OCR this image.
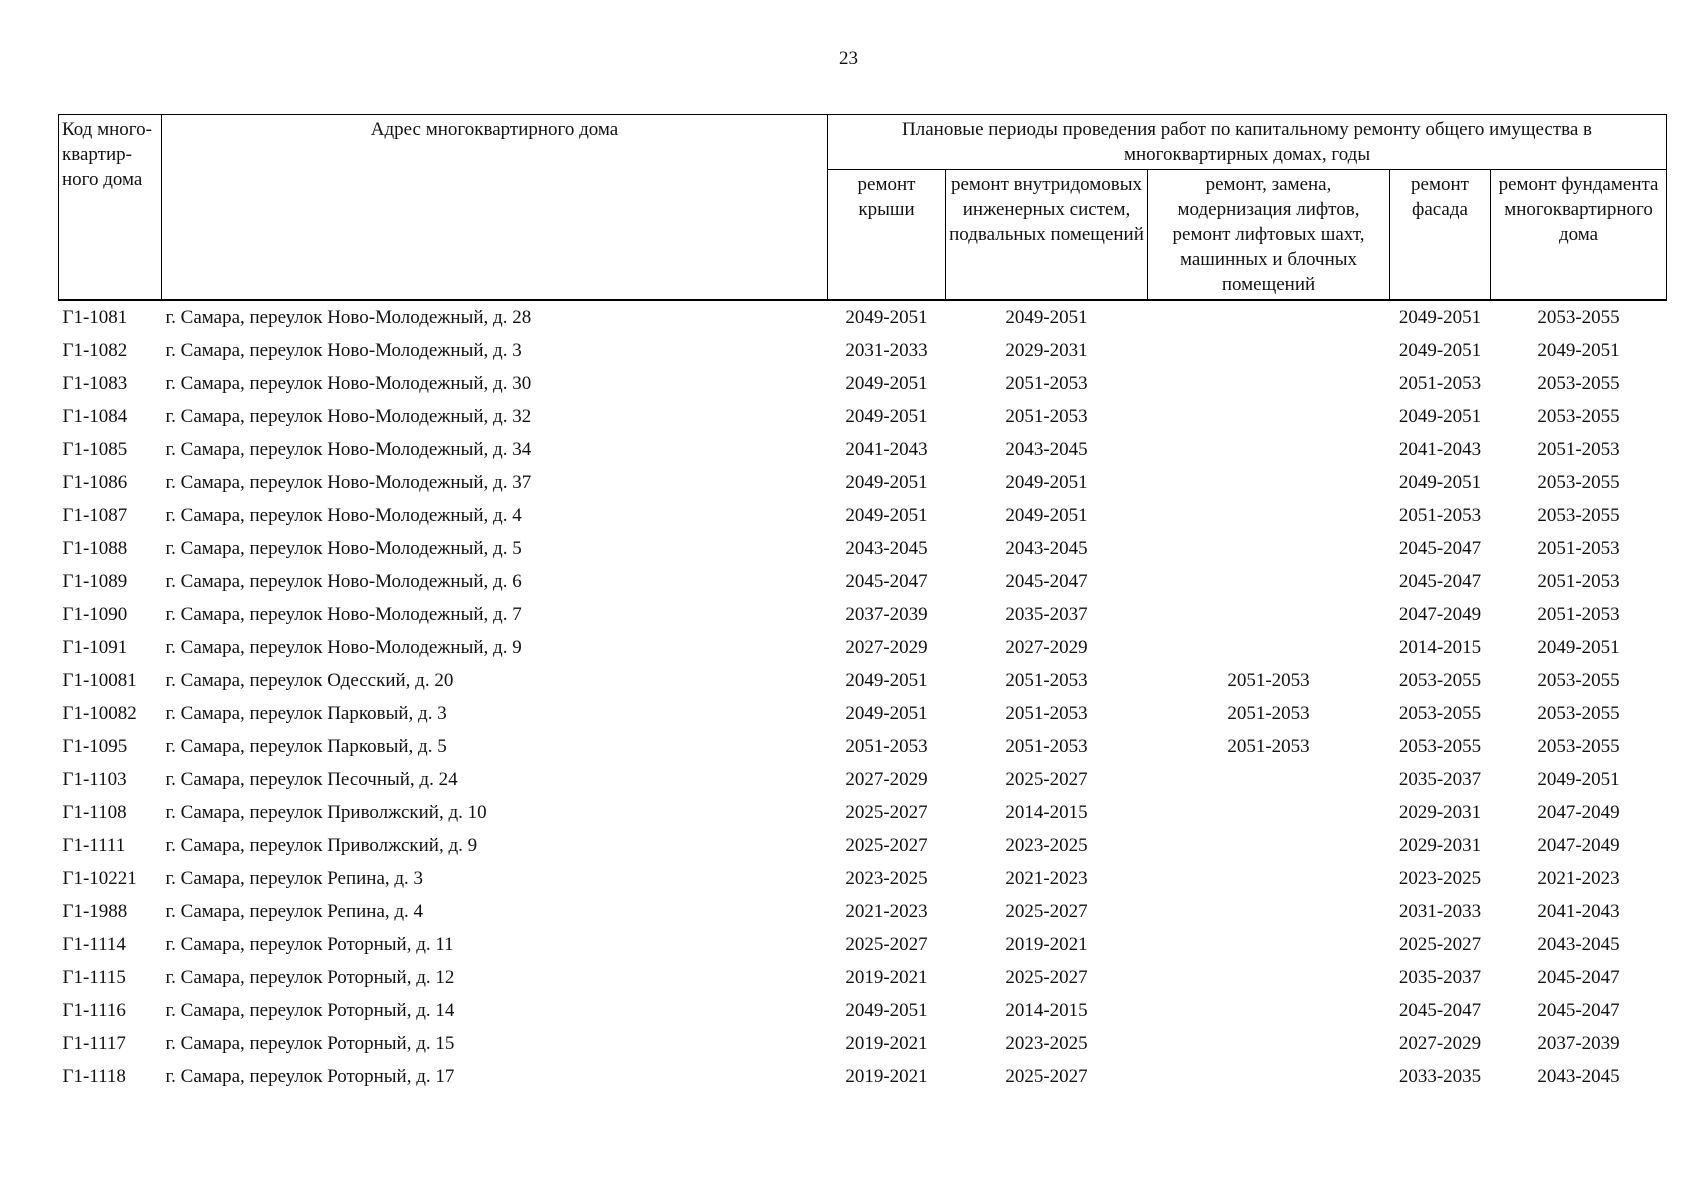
23
Код много-квартир-ного дома	Адрес многоквартирного дома	Плановые периоды проведения работ по капитальному ремонту общего имущества в многоквартирных домах, годы				

		ремонт крыши	ремонт внутридомовых инженерных систем, подвальных помещений	ремонт, замена, модернизация лифтов, ремонт лифтовых шахт, машинных и блочных помещений	ремонт фасада	ремонт фундамента многоквартирного дома
Г1-1081	г. Самара, переулок Ново-Молодежный, д. 28	2049-2051	2049-2051		2049-2051	2053-2055
Г1-1082	г. Самара, переулок Ново-Молодежный, д. 3	2031-2033	2029-2031		2049-2051	2049-2051
Г1-1083	г. Самара, переулок Ново-Молодежный, д. 30	2049-2051	2051-2053		2051-2053	2053-2055
Г1-1084	г. Самара, переулок Ново-Молодежный, д. 32	2049-2051	2051-2053		2049-2051	2053-2055
Г1-1085	г. Самара, переулок Ново-Молодежный, д. 34	2041-2043	2043-2045		2041-2043	2051-2053
Г1-1086	г. Самара, переулок Ново-Молодежный, д. 37	2049-2051	2049-2051		2049-2051	2053-2055
Г1-1087	г. Самара, переулок Ново-Молодежный, д. 4	2049-2051	2049-2051		2051-2053	2053-2055
Г1-1088	г. Самара, переулок Ново-Молодежный, д. 5	2043-2045	2043-2045		2045-2047	2051-2053
Г1-1089	г. Самара, переулок Ново-Молодежный, д. 6	2045-2047	2045-2047		2045-2047	2051-2053
Г1-1090	г. Самара, переулок Ново-Молодежный, д. 7	2037-2039	2035-2037		2047-2049	2051-2053
Г1-1091	г. Самара, переулок Ново-Молодежный, д. 9	2027-2029	2027-2029		2014-2015	2049-2051
Г1-10081	г. Самара, переулок Одесский, д. 20	2049-2051	2051-2053	2051-2053	2053-2055	2053-2055
Г1-10082	г. Самара, переулок Парковый, д. 3	2049-2051	2051-2053	2051-2053	2053-2055	2053-2055
Г1-1095	г. Самара, переулок Парковый, д. 5	2051-2053	2051-2053	2051-2053	2053-2055	2053-2055
Г1-1103	г. Самара, переулок Песочный, д. 24	2027-2029	2025-2027		2035-2037	2049-2051
Г1-1108	г. Самара, переулок Приволжский, д. 10	2025-2027	2014-2015		2029-2031	2047-2049
Г1-1111	г. Самара, переулок Приволжский, д. 9	2025-2027	2023-2025		2029-2031	2047-2049
Г1-10221	г. Самара, переулок Репина, д. 3	2023-2025	2021-2023		2023-2025	2021-2023
Г1-1988	г. Самара, переулок Репина, д. 4	2021-2023	2025-2027		2031-2033	2041-2043
Г1-1114	г. Самара, переулок Роторный, д. 11	2025-2027	2019-2021		2025-2027	2043-2045
Г1-1115	г. Самара, переулок Роторный, д. 12	2019-2021	2025-2027		2035-2037	2045-2047
Г1-1116	г. Самара, переулок Роторный, д. 14	2049-2051	2014-2015		2045-2047	2045-2047
Г1-1117	г. Самара, переулок Роторный, д. 15	2019-2021	2023-2025		2027-2029	2037-2039
Г1-1118	г. Самара, переулок Роторный, д. 17	2019-2021	2025-2027		2033-2035	2043-2045
